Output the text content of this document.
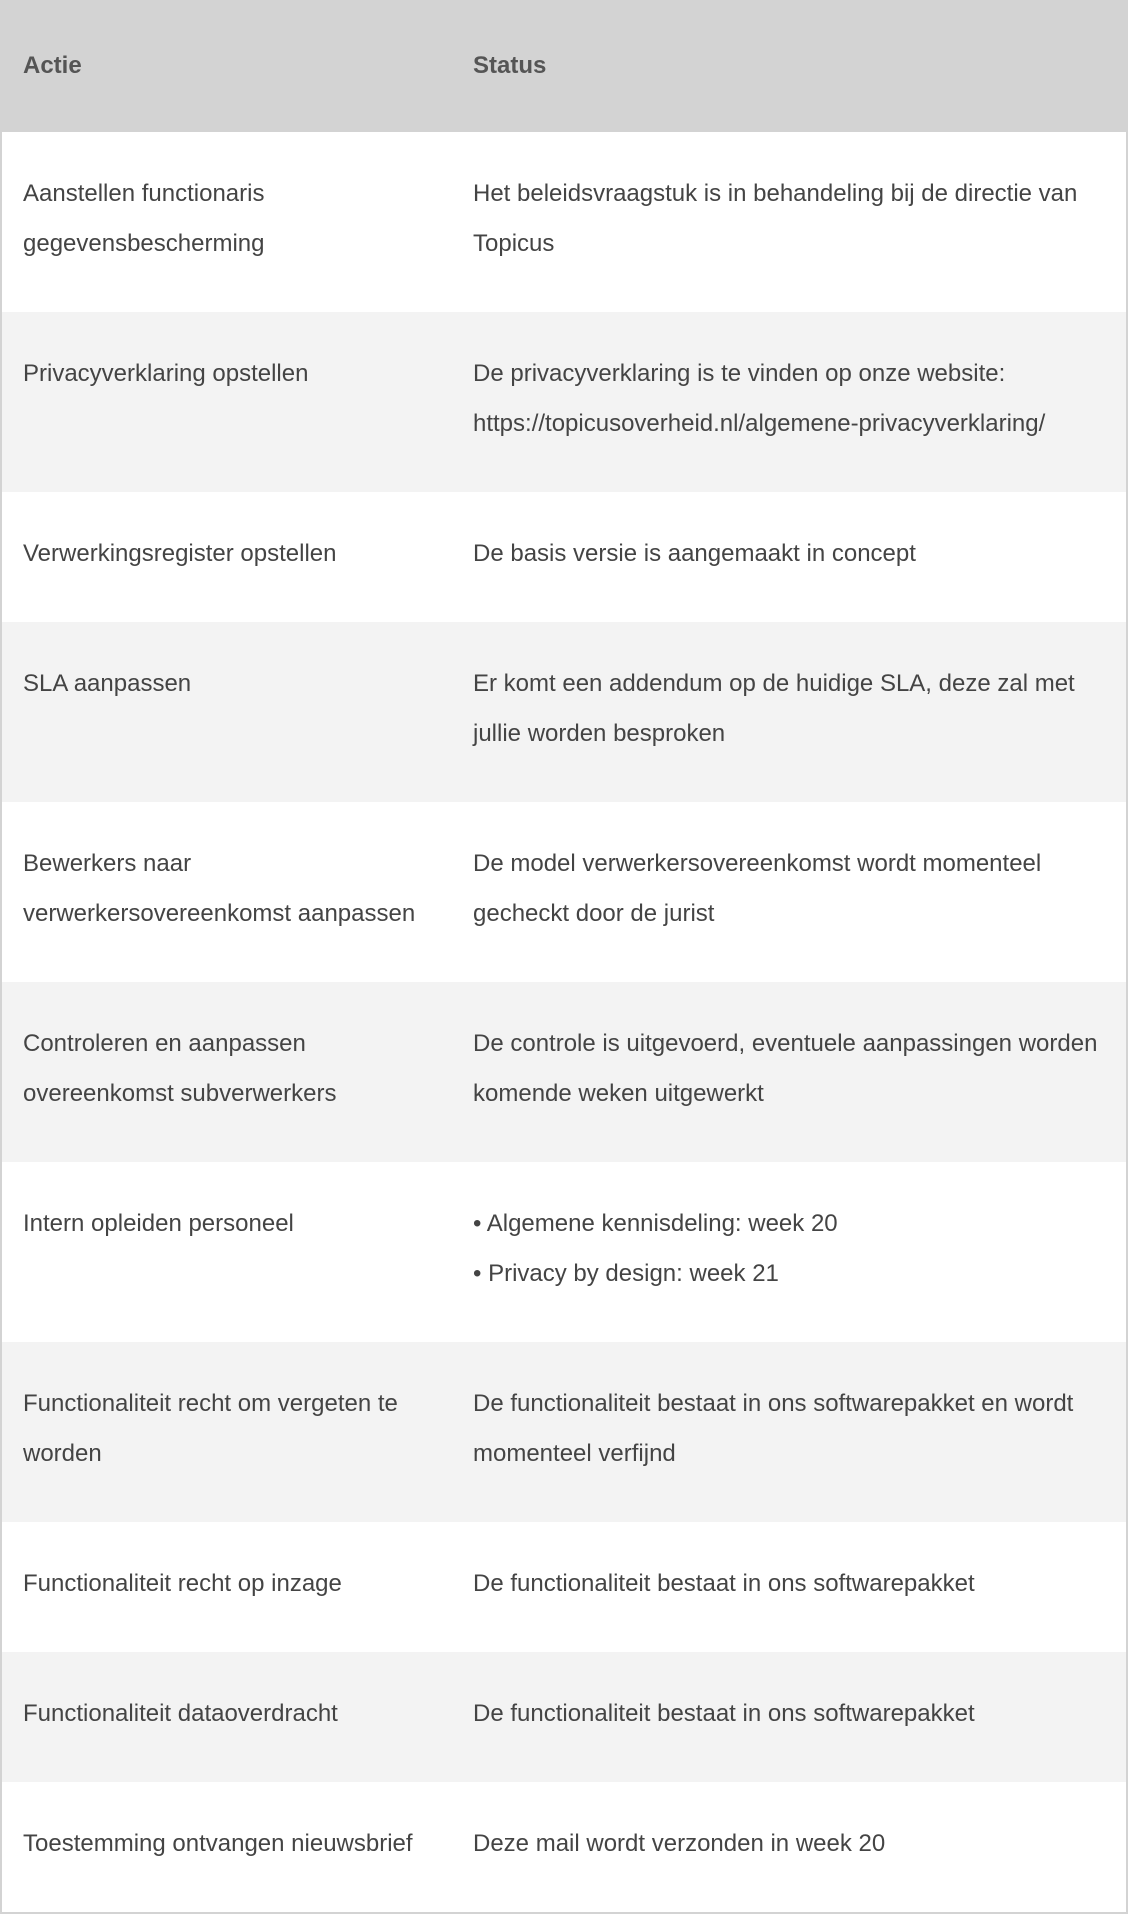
Actie	Status
Aanstellen functionaris gegevensbescherming	Het beleidsvraagstuk is in behandeling bij de directie van Topicus
Privacyverklaring opstellen	De privacyverklaring is te vinden op onze website: https://topicusoverheid.nl/algemene-privacyverklaring/
Verwerkingsregister opstellen	De basis versie is aangemaakt in concept
SLA aanpassen	Er komt een addendum op de huidige SLA, deze zal met jullie worden besproken
Bewerkers naar verwerkersovereenkomst aanpassen	De model verwerkersovereenkomst wordt momenteel gecheckt door de jurist
Controleren en aanpassen overeenkomst subverwerkers	De controle is uitgevoerd, eventuele aanpassingen worden komende weken uitgewerkt
Intern opleiden personeel	• Algemene kennisdeling: week 20
• Privacy by design: week 21

Functionaliteit recht om vergeten te worden	De functionaliteit bestaat in ons softwarepakket en wordt momenteel verfijnd
Functionaliteit recht op inzage	De functionaliteit bestaat in ons softwarepakket
Functionaliteit dataoverdracht	De functionaliteit bestaat in ons softwarepakket
Toestemming ontvangen nieuwsbrief	Deze mail wordt verzonden in week 20
